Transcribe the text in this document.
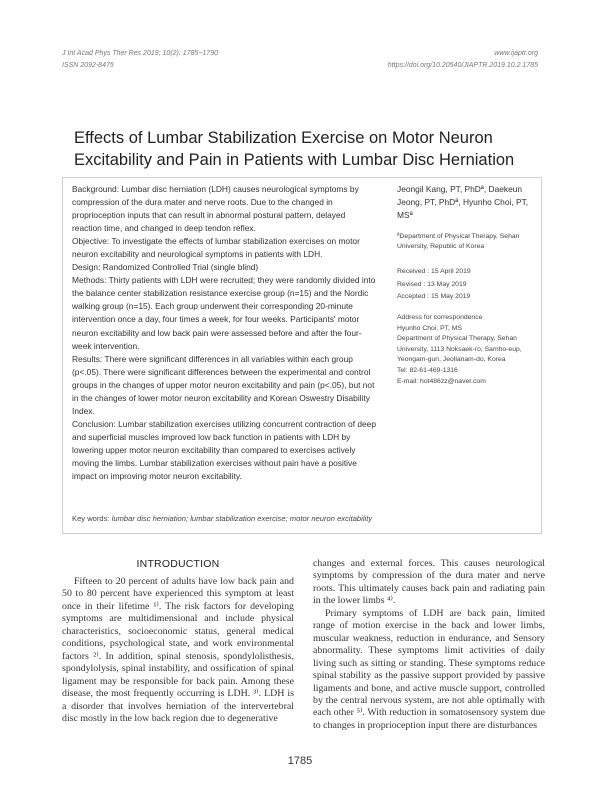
J Int Acad Phys Ther Res 2019; 10(2): 1785~1790
ISSN 2092-8475
www.ijaptr.org
https://doi.org/10.20540/JIAPTR.2019.10.2.1785
Effects of Lumbar Stabilization Exercise on Motor Neuron
Excitability and Pain in Patients with Lumbar Disc Herniation

Background: Lumbar disc herniation (LDH) causes neurological symptoms by compression of the dura mater and nerve roots. Due to the changed in proprioception inputs that can result in abnormal postural pattern, delayed reaction time, and changed in deep tendon reflex.

Objective: To investigate the effects of lumbar stabilization exercises on motor neuron excitability and neurological symptoms in patients with LDH.

Design: Randomized Controlled Trial (single blind)

Methods: Thirty patients with LDH were recruited; they were randomly divided into the balance center stabilization resistance exercise group (n=15) and the Nordic walking group (n=15). Each group underwent their corresponding 20-minute intervention once a day, four times a week, for four weeks. Participants' motor neuron excitability and low back pain were assessed before and after the four-week intervention.

Results: There were significant differences in all variables within each group (p<.05). There were significant differences between the experimental and control groups in the changes of upper motor neuron excitability and pain (p<.05), but not in the changes of lower motor neuron excitability and Korean Oswestry Disability Index.

Conclusion: Lumbar stabilization exercises utilizing concurrent contraction of deep and superficial muscles improved low back function in patients with LDH by lowering upper motor neuron excitability than compared to exercises actively moving the limbs. Lumbar stabilization exercises without pain have a positive impact on improving motor neuron excitability.

Jeongil Kang, PT, PhDª, Daekeun Jeong, PT, PhDª, Hyunho Choi, PT, MSª
ªDepartment of Physical Therapy, Sehan University, Republic of Korea
Received : 15 April 2019
Revised : 13 May 2019
Accepted : 15 May 2019
Address for correspondence
Hyunho Choi, PT, MS
Department of Physical Therapy, Sehan
University, 1113 Noksaek-ro, Samho-eup,
Yeongam-gun, Jeollanam-do, Korea
Tel: 82-61-469-1316
E-mail: hot486zz@naver.com
Key words: lumbar disc herniation; lumbar stabilization exercise; motor neuron excitability
INTRODUCTION

Fifteen to 20 percent of adults have low back pain and 50 to 80 percent have experienced this symptom at least once in their lifetime ¹⁾. The risk factors for developing symptoms are multidimensional and include physical characteristics, socioeconomic status, general medical conditions, psychological state, and work environmental factors ²⁾. In addition, spinal stenosis, spondylolisthesis, spondylolysis, spinal instability, and ossification of spinal ligament may be responsible for back pain. Among these disease, the most frequently occurring is LDH. ³⁾. LDH is a disorder that involves herniation of the intervertebral disc mostly in the low back region due to degenerative

changes and external forces. This causes neurological symptoms by compression of the dura mater and nerve roots. This ultimately causes back pain and radiating pain in the lower limbs ⁴⁾.

Primary symptoms of LDH are back pain, limited range of motion exercise in the back and lower limbs, muscular weakness, reduction in endurance, and Sensory abnormality. These symptoms limit activities of daily living such as sitting or standing. These symptoms reduce spinal stability as the passive support provided by passive ligaments and bone, and active muscle support, controlled by the central nervous system, are not able optimally with each other ⁵⁾. With reduction in somatosensory system due to changes in proprioception input there are disturbances

1785
